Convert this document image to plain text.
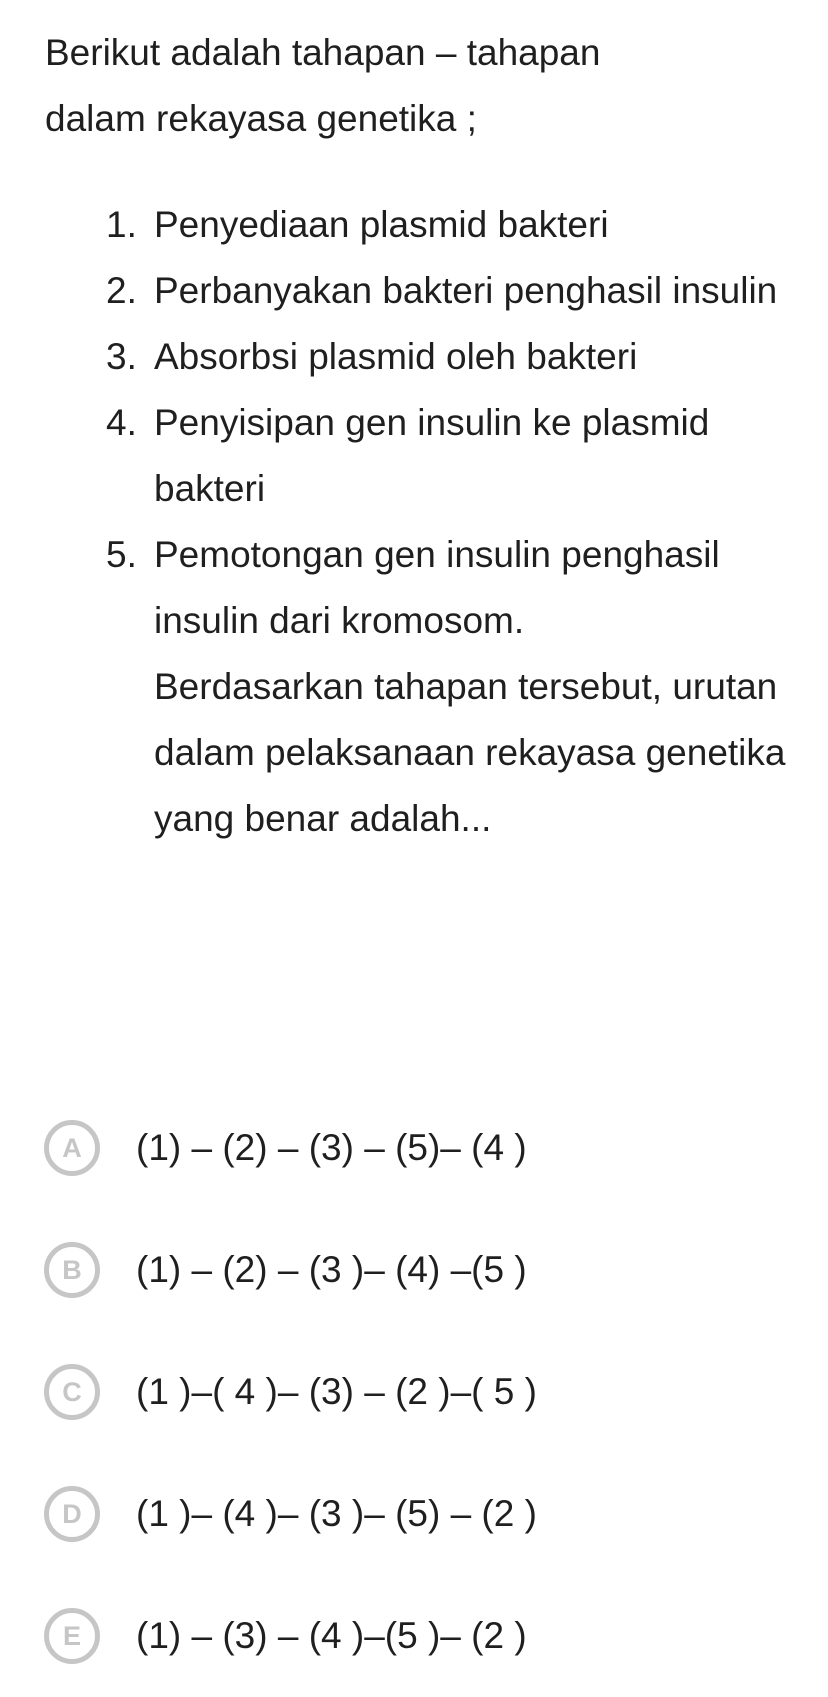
Berikut adalah tahapan – tahapan
dalam rekayasa genetika ;
1. Penyediaan plasmid bakteri
2. Perbanyakan bakteri penghasil insulin
3. Absorbsi plasmid oleh bakteri
4. Penyisipan gen insulin ke plasmid bakteri
5. Pemotongan gen insulin penghasil insulin dari kromosom.
Berdasarkan tahapan tersebut, urutan dalam pelaksanaan rekayasa genetika yang benar adalah...
A	(1) – (2) – (3) – (5)– (4 )
B	(1) – (2) – (3 )– (4) –(5 )
C	(1 )–( 4 )– (3) – (2 )–( 5 )
D	(1 )– (4 )– (3 )– (5) – (2 )
E	(1) – (3) – (4 )–(5 )– (2 )
